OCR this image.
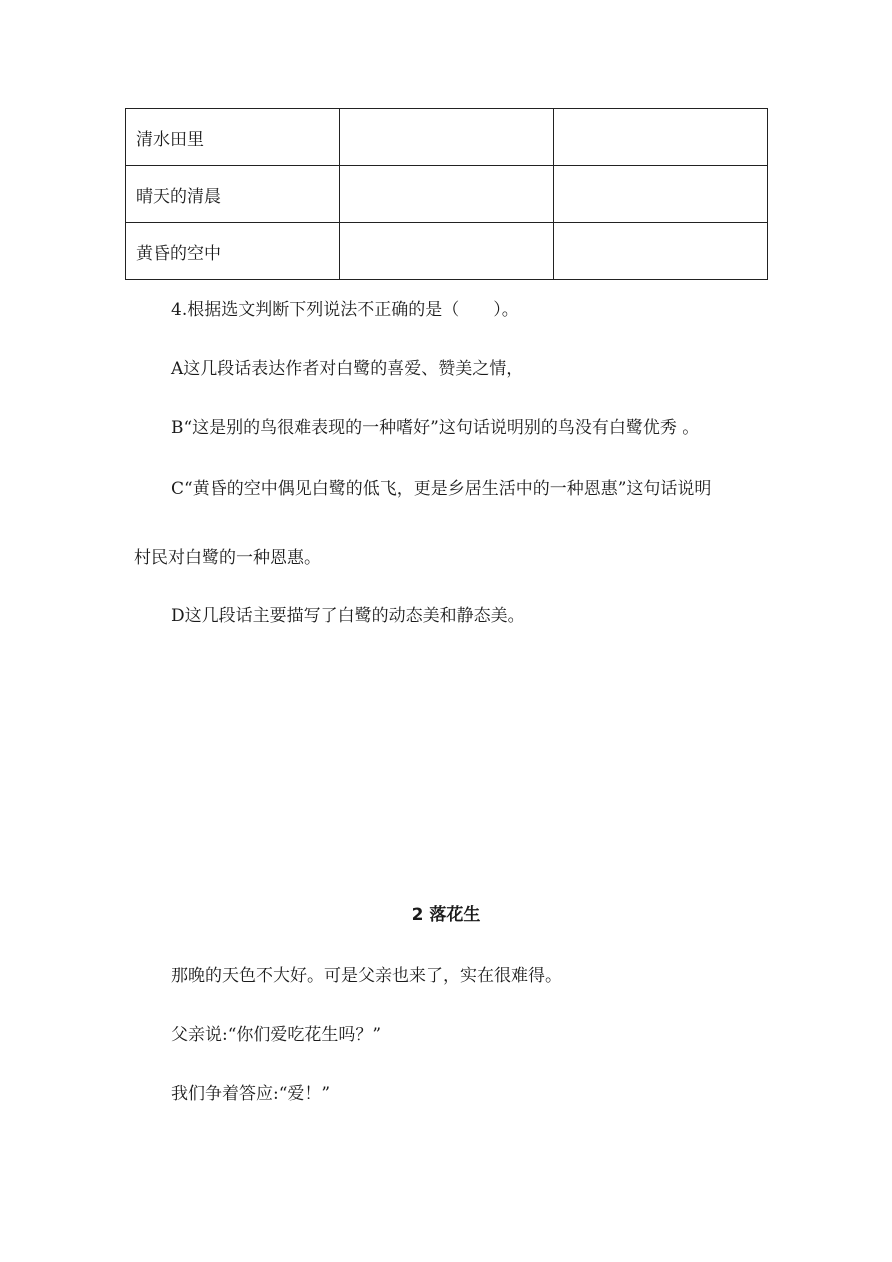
清水田里		
晴天的清晨		
黄昏的空中		
4.根据选文判断下列说法不正确的是（　　）。
A这几段话表达作者对白鹭的喜爱、赞美之情，
B“这是别的鸟很难表现的一种嗜好”这句话说明别的鸟没有白鹭优秀 。
C“黄昏的空中偶见白鹭的低飞，更是乡居生活中的一种恩惠”这句话说明
村民对白鹭的一种恩惠。
D这几段话主要描写了白鹭的动态美和静态美。
2 落花生
那晚的天色不大好。可是父亲也来了，实在很难得。
父亲说:“你们爱吃花生吗？”
我们争着答应:“爱！”
